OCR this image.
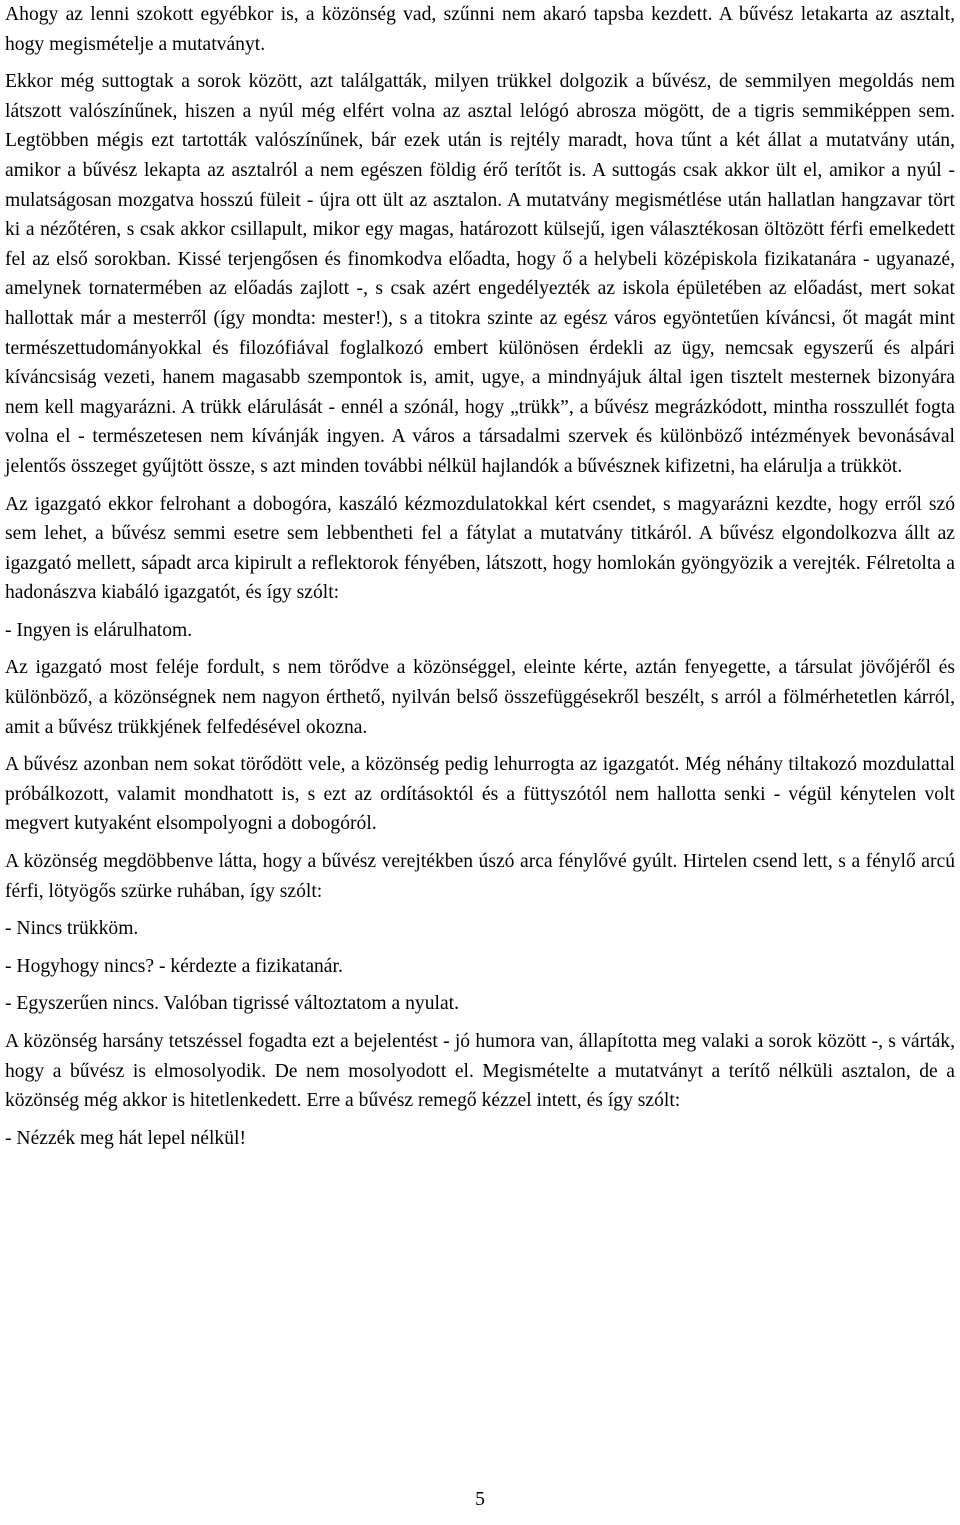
Ahogy az lenni szokott egyébkor is, a közönség vad, szűnni nem akaró tapsba kezdett. A bűvész letakarta az asztalt, hogy megismételje a mutatványt.

Ekkor még suttogtak a sorok között, azt találgatták, milyen trükkel dolgozik a bűvész, de semmilyen megoldás nem látszott valószínűnek, hiszen a nyúl még elfért volna az asztal lelógó abrosza mögött, de a tigris semmiképpen sem. Legtöbben mégis ezt tartották valószínűnek, bár ezek után is rejtély maradt, hova tűnt a két állat a mutatvány után, amikor a bűvész lekapta az asztalról a nem egészen földig érő terítőt is. A suttogás csak akkor ült el, amikor a nyúl - mulatságosan mozgatva hosszú füleit - újra ott ült az asztalon. A mutatvány megismétlése után hallatlan hangzavar tört ki a nézőtéren, s csak akkor csillapult, mikor egy magas, határozott külsejű, igen választékosan öltözött férfi emelkedett fel az első sorokban. Kissé terjengősen és finomkodva előadta, hogy ő a helybeli középiskola fizikatanára - ugyanazé, amelynek tornatermében az előadás zajlott -, s csak azért engedélyezték az iskola épületében az előadást, mert sokat hallottak már a mesterről (így mondta: mester!), s a titokra szinte az egész város egyöntetűen kíváncsi, őt magát mint természettudományokkal és filozófiával foglalkozó embert különösen érdekli az ügy, nemcsak egyszerű és alpári kíváncsiság vezeti, hanem magasabb szempontok is, amit, ugye, a mindnyájuk által igen tisztelt mesternek bizonyára nem kell magyarázni. A trükk elárulását - ennél a szónál, hogy „trükk”, a bűvész megrázkódott, mintha rosszullét fogta volna el - természetesen nem kívánják ingyen. A város a társadalmi szervek és különböző intézmények bevonásával jelentős összeget gyűjtött össze, s azt minden további nélkül hajlandók a bűvésznek kifizetni, ha elárulja a trükköt.

Az igazgató ekkor felrohant a dobogóra, kaszáló kézmozdulatokkal kért csendet, s magyarázni kezdte, hogy erről szó sem lehet, a bűvész semmi esetre sem lebbentheti fel a fátylat a mutatvány titkáról. A bűvész elgondolkozva állt az igazgató mellett, sápadt arca kipirult a reflektorok fényében, látszott, hogy homlokán gyöngyözik a verejték. Félretolta a hadonászva kiabáló igazgatót, és így szólt:

- Ingyen is elárulhatom.

Az igazgató most feléje fordult, s nem törődve a közönséggel, eleinte kérte, aztán fenyegette, a társulat jövőjéről és különböző, a közönségnek nem nagyon érthető, nyilván belső összefüggésekről beszélt, s arról a fölmérhetetlen kárról, amit a bűvész trükkjének felfedésével okozna.

A bűvész azonban nem sokat törődött vele, a közönség pedig lehurrogta az igazgatót. Még néhány tiltakozó mozdulattal próbálkozott, valamit mondhatott is, s ezt az ordításoktól és a füttyszótól nem hallotta senki - végül kénytelen volt megvert kutyaként elsompolyogni a dobogóról.

A közönség megdöbbenve látta, hogy a bűvész verejtékben úszó arca fénylővé gyúlt. Hirtelen csend lett, s a fénylő arcú férfi, lötyögős szürke ruhában, így szólt:

- Nincs trükköm.

- Hogyhogy nincs? - kérdezte a fizikatanár.

- Egyszerűen nincs. Valóban tigrissé változtatom a nyulat.

A közönség harsány tetszéssel fogadta ezt a bejelentést - jó humora van, állapította meg valaki a sorok között -, s várták, hogy a bűvész is elmosolyodik. De nem mosolyodott el. Megismételte a mutatványt a terítő nélküli asztalon, de a közönség még akkor is hitetlenkedett. Erre a bűvész remegő kézzel intett, és így szólt:

- Nézzék meg hát lepel nélkül!

5
